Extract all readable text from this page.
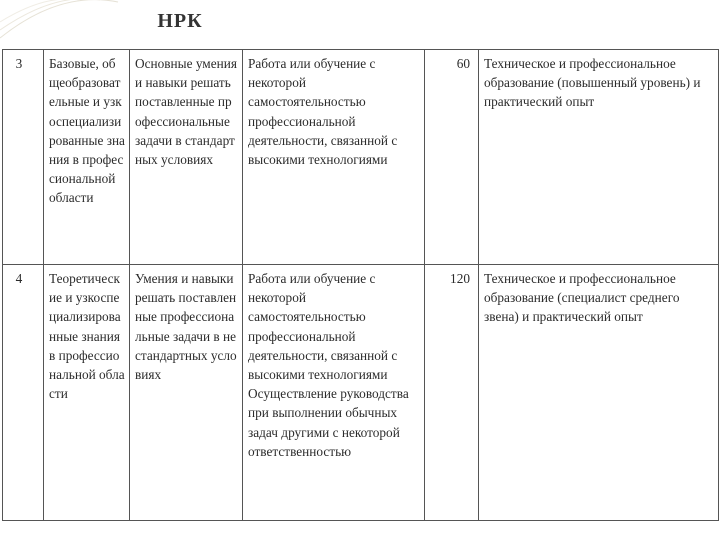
НРК
3	Базовые, общеобразовательные и узкоспециализированные знания в профессиональной области	Основные умения и навыки решать поставленные профессиональные задачи в стандартных условиях	Работа или обучение с некоторой самостоятельностью профессиональной деятельности, связанной с высокими технологиями	60	Техническое и профессиональное образование (повышенный уровень) и практический опыт
4	Теоретические и узкоспециализированные знания в профессиональной области	Умения и навыки решать поставленные профессиональные задачи в нестандартных условиях	Работа или обучение с некоторой самостоятельностью профессиональной деятельности, связанной с высокими технологиями Осуществление руководства при выполнении обычных задач другими с некоторой ответственностью	120	Техническое и профессиональное образование (специалист среднего звена) и практический опыт
